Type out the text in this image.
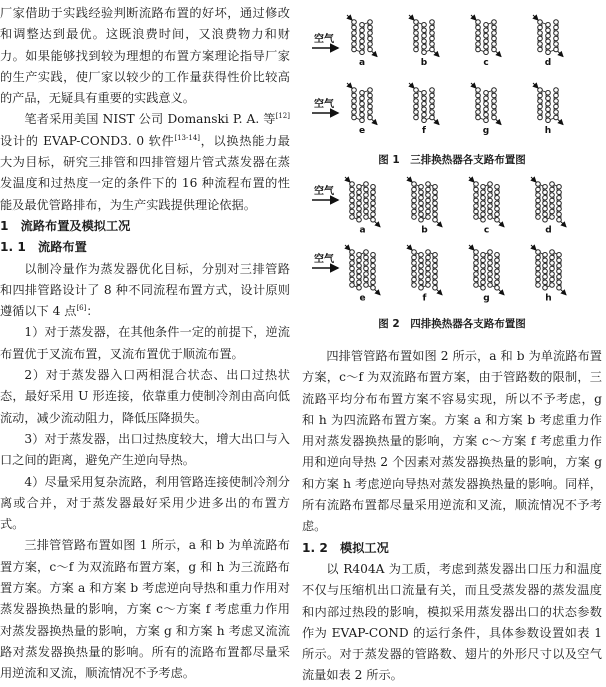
厂家借助于实践经验判断流路布置的好坏，通过修改和调整达到最优。这既浪费时间，又浪费物力和财力。如果能够找到较为理想的布置方案理论指导厂家的生产实践，使厂家以较少的工作量获得性价比较高的产品，无疑具有重要的实践意义。

笔者采用美国 NIST 公司 Domanski P. A. 等[12]设计的 EVAP-COND3. 0 软件[13-14]，以换热能力最大为目标，研究三排管和四排管翅片管式蒸发器在蒸发温度和过热度一定的条件下的 16 种流程布置的性能及最优管路排布，为生产实践提供理论依据。

1　流路布置及模拟工况

1. 1　流路布置

以制冷量作为蒸发器优化目标，分别对三排管路和四排管路设计了 8 种不同流程布置方式，设计原则遵循以下 4 点[6]：

1）对于蒸发器，在其他条件一定的前提下，逆流布置优于叉流布置，叉流布置优于顺流布置。

2）对于蒸发器入口两相混合状态、出口过热状态，最好采用 U 形连接，依靠重力使制冷剂由高向低流动，减少流动阻力，降低压降损失。

3）对于蒸发器，出口过热度较大，增大出口与入口之间的距离，避免产生逆向导热。

4）尽量采用复杂流路，利用管路连接使制冷剂分离或合并，对于蒸发器最好采用少进多出的布置方式。

三排管管路布置如图 1 所示，a 和 b 为单流路布置方案，c～f 为双流路布置方案，g 和 h 为三流路布置方案。方案 a 和方案 b 考虑逆向导热和重力作用对蒸发器换热量的影响，方案 c～方案 f 考虑重力作用对蒸发器换热量的影响，方案 g 和方案 h 考虑叉流流路对蒸发器换热量的影响。所有的流路布置都尽量采用逆流和叉流，顺流情况不予考虑。

空气
空气
a	b	c	d
e	f	g	h
图 1　三排换热器各支路布置图
空气
空气
a	b	c	d
e	f	g	h
图 2　四排换热器各支路布置图

四排管管路布置如图 2 所示，a 和 b 为单流路布置方案，c～f 为双流路布置方案，由于管路数的限制，三流路平均分布布置方案不容易实现，所以不予考虑，g 和 h 为四流路布置方案。方案 a 和方案 b 考虑重力作用对蒸发器换热量的影响，方案 c～方案 f 考虑重力作用和逆向导热 2 个因素对蒸发器换热量的影响，方案 g 和方案 h 考虑逆向导热对蒸发器换热量的影响。同样，所有流路布置都尽量采用逆流和叉流，顺流情况不予考虑。

1. 2　模拟工况

以 R404A 为工质，考虑到蒸发器出口压力和温度不仅与压缩机出口流量有关，而且受蒸发器的蒸发温度和内部过热段的影响，模拟采用蒸发器出口的状态参数作为 EVAP-COND 的运行条件，具体参数设置如表 1 所示。对于蒸发器的管路数、翅片的外形尺寸以及空气流量如表 2 所示。
